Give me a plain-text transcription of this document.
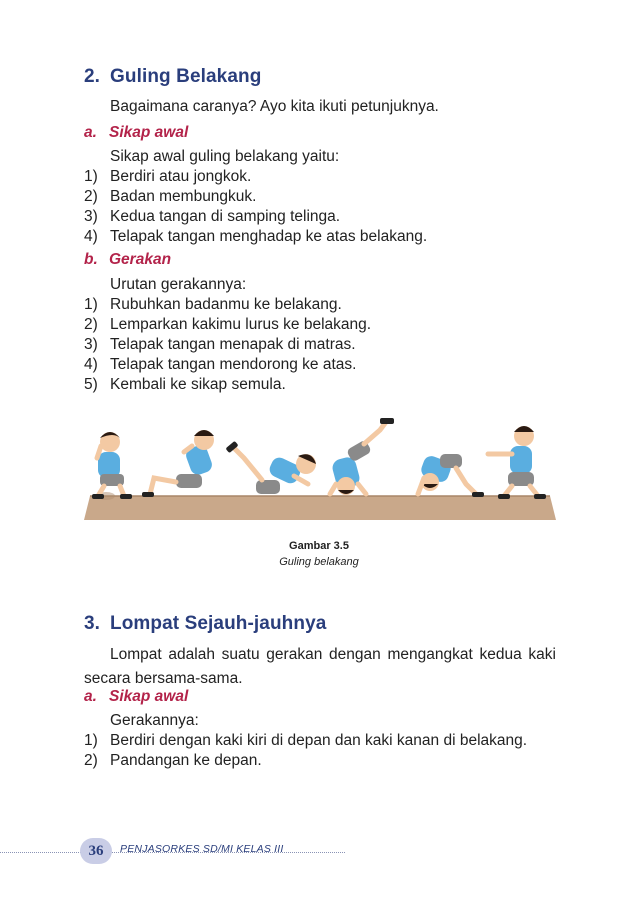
2. Guling Belakang
Bagaimana caranya? Ayo kita ikuti petunjuknya.
a. Sikap awal
Sikap awal guling belakang yaitu:
1) Berdiri atau jongkok.
2) Badan membungkuk.
3) Kedua tangan di samping telinga.
4) Telapak tangan menghadap ke atas belakang.
b. Gerakan
Urutan gerakannya:
1) Rubuhkan badanmu ke belakang.
2) Lemparkan kakimu lurus ke belakang.
3) Telapak tangan menapak di matras.
4) Telapak tangan mendorong ke atas.
5) Kembali ke sikap semula.
Gambar 3.5
Guling belakang
3. Lompat Sejauh-jauhnya
Lompat adalah suatu gerakan dengan mengangkat kedua kaki secara bersama-sama.
a. Sikap awal
Gerakannya:
1) Berdiri dengan kaki kiri di depan dan kaki kanan di belakang.
2) Pandangan ke depan.
36	PENJASORKES SD/MI KELAS III
